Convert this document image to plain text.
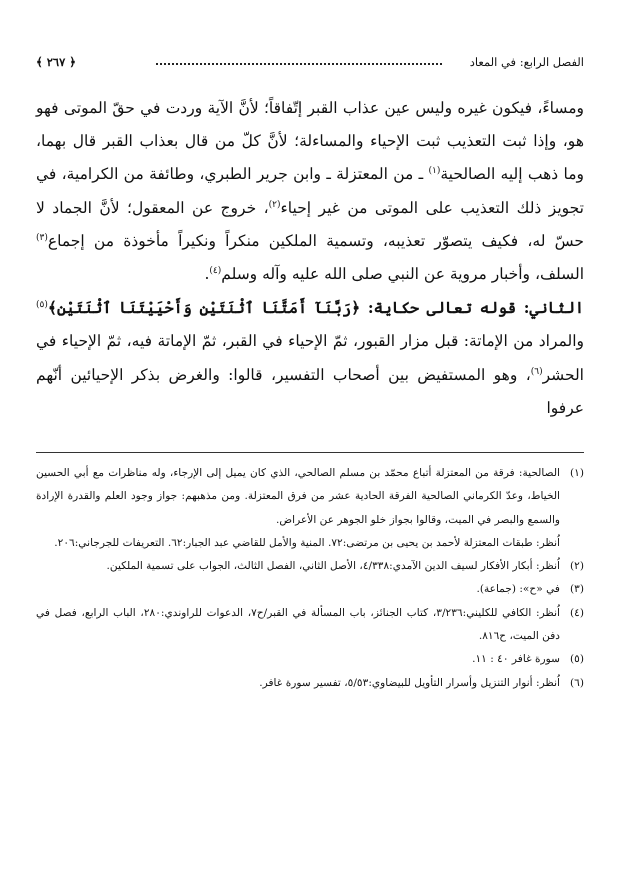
الفصل الرابع: في المعاد
﴿ ٢٦٧ ﴾

ومساءً، فيكون غيره وليس عين عذاب القبر إتّفاقاً؛ لأنَّ الآية وردت في حقّ الموتى فهو هو، وإذا ثبت التعذيب ثبت الإحياء والمساءلة؛ لأنَّ كلّ من قال بعذاب القبر قال بهما، وما ذهب إليه الصالحية$^{(١)}$ ـ من المعتزلة ـ وابن جرير الطبري، وطائفة من الكرامية، في تجويز ذلك التعذيب على الموتى من غير إحياء$^{(٢)}$، خروج عن المعقول؛ لأنَّ الجماد لا حسّ له، فكيف يتصوّر تعذيبه، وتسمية الملكين منكراً ونكيراً مأخوذة من إجماع$^{(٣)}$ السلف، وأخبار مروية عن النبي صلى الله عليه وآله وسلم$^{(٤)}$.

الثاني: قوله تعالى حكاية: ﴿رَبَّنَآ أَمَتَّنَا ٱثْنَتَيْنِ وَأَحْيَيْتَنَا ٱثْنَتَيْنِ﴾$^{(٥)}$ والمراد من الإماتة: قبل مزار القبور، ثمّ الإحياء في القبر، ثمّ الإماتة فيه، ثمّ الإحياء في الحشر$^{(٦)}$، وهو المستفيض بين أصحاب التفسير، قالوا: والغرض بذكر الإحيائين أنّهم عرفوا

(١)الصالحية: فرقة من المعتزلة أتباع محمّد بن مسلم الصالحي، الذي كان يميل إلى الإرجاء، وله مناظرات مع أبي الحسين الخياط، وعدّ الكرماني الصالحية الفرقة الحادية عشر من فرق المعتزلة. ومن مذهبهم: جواز وجود العلم والقدرة الإرادة والسمع والبصر في الميت، وقالوا بجواز خلو الجوهر عن الأعراض.

اُنظر: طبقات المعتزلة لأحمد بن يحيى بن مرتضى:٧٢. المنية والأمل للقاضي عبد الجبار:٦٢. التعريفات للجرجاني:٢٠٦.

(٢)اُنظر: أبكار الأفكار لسيف الدين الآمدي:٤/٣٣٨، الأصل الثاني، الفصل الثالث، الجواب على تسمية الملكين.

(٣)في «ح»: (جماعة).

(٤)اُنظر: الكافي للكليني:٣/٢٣٦، كتاب الجنائز، باب المسألة في القبر/ح٧، الدعوات للراوندي:٢٨٠، الباب الرابع، فصل في دفن الميت، ح٨١٦.

(٥)سورة غافر ٤٠ : ١١.

(٦)اُنظر: أنوار التنزيل وأسرار التأويل للبيضاوي:٥/٥٣، تفسير سورة غافر.
